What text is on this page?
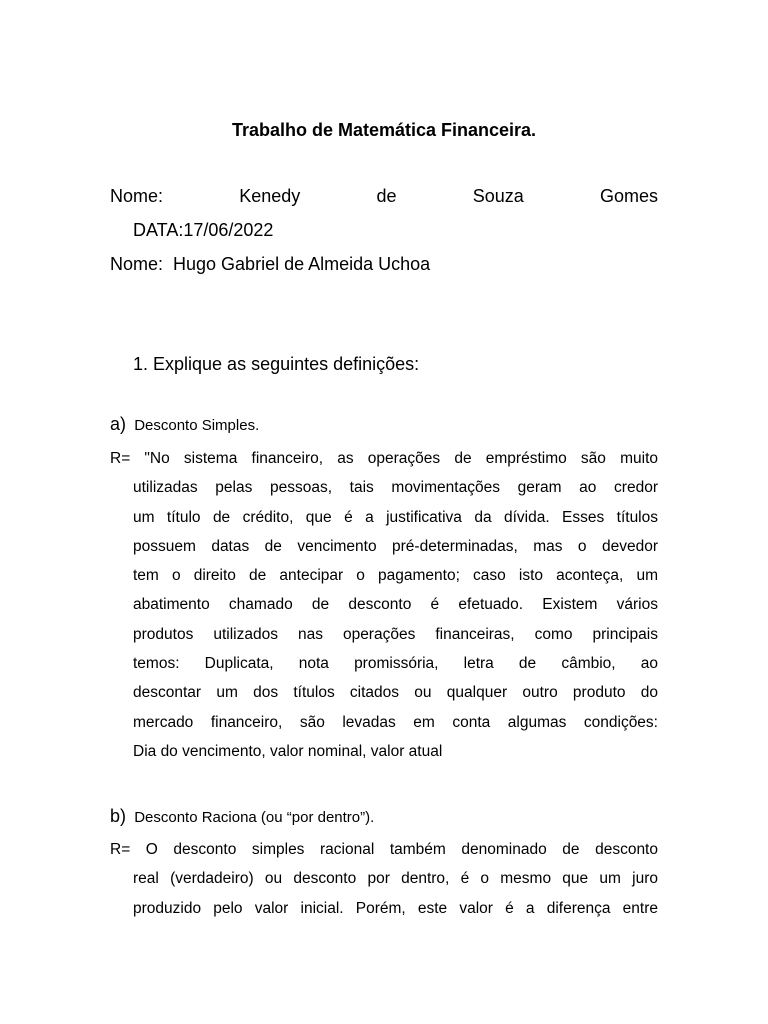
Trabalho de Matemática Financeira.
Nome:	Kenedy	de	Souza	Gomes
DATA:17/06/2022
Nome:  Hugo Gabriel de Almeida Uchoa
1. Explique as seguintes definições:
a) Desconto Simples.
R= "No sistema financeiro, as operações de empréstimo são muito
utilizadas pelas pessoas, tais movimentações geram ao credor
um título de crédito, que é a justificativa da dívida. Esses títulos
possuem datas de vencimento pré-determinadas, mas o devedor
tem o direito de antecipar o pagamento; caso isto aconteça, um
abatimento chamado de desconto é efetuado. Existem vários
produtos utilizados nas operações financeiras, como principais
temos: Duplicata, nota promissória, letra de câmbio, ao
descontar um dos títulos citados ou qualquer outro produto do
mercado financeiro, são levadas em conta algumas condições:
Dia do vencimento, valor nominal, valor atual
b) Desconto Raciona (ou “por dentro”).
R= O desconto simples racional também denominado de desconto
real (verdadeiro) ou desconto por dentro, é o mesmo que um juro
produzido pelo valor inicial. Porém, este valor é a diferença entre
